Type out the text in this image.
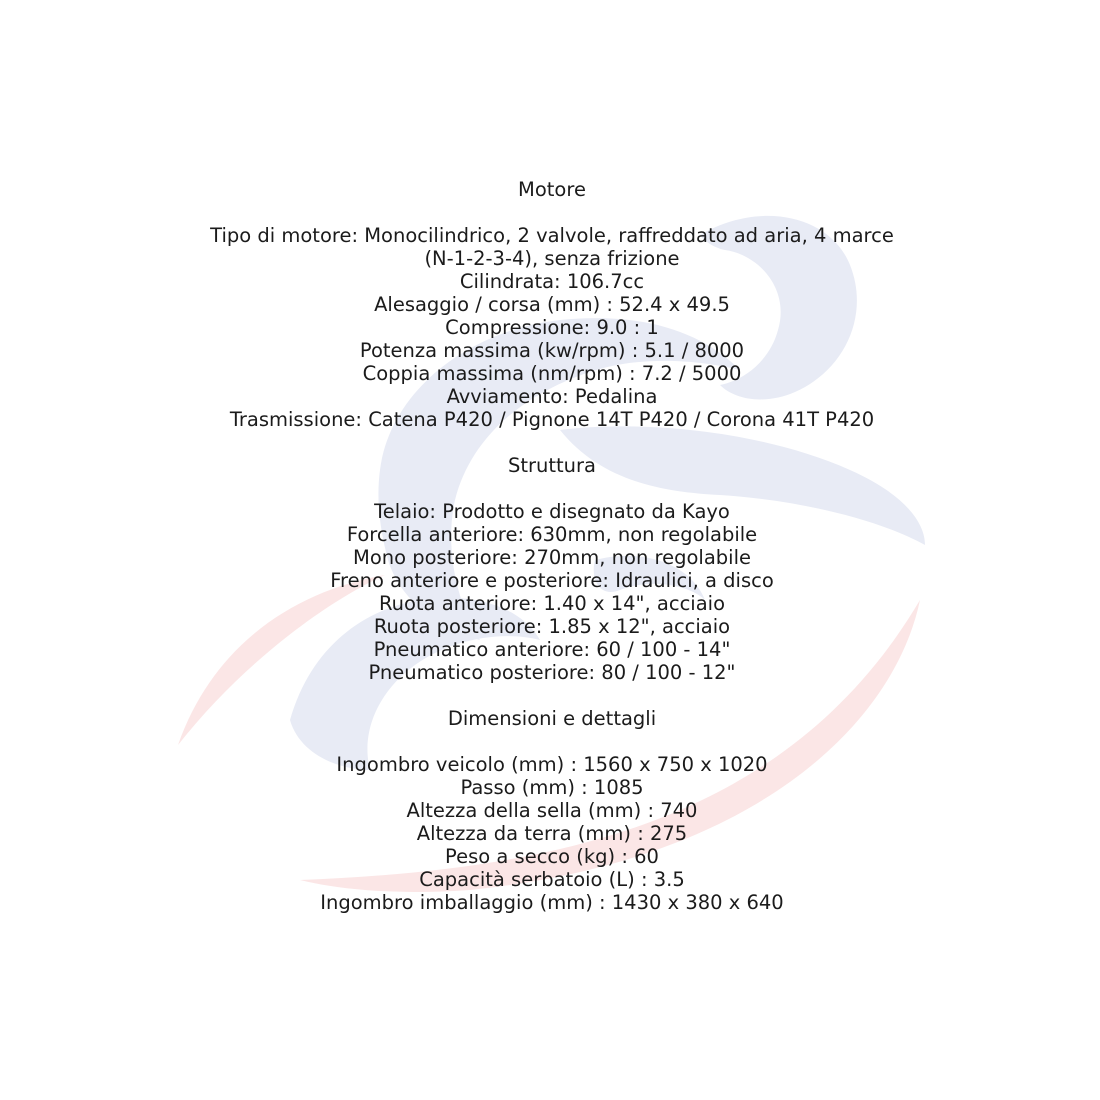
Motore
Tipo di motore: Monocilindrico, 2 valvole, raffreddato ad aria, 4 marce
(N-1-2-3-4), senza frizione
Cilindrata: 106.7cc
Alesaggio / corsa (mm) : 52.4 x 49.5
Compressione: 9.0 : 1
Potenza massima (kw/rpm) : 5.1 / 8000
Coppia massima (nm/rpm) : 7.2 / 5000
Avviamento: Pedalina
Trasmissione: Catena P420 / Pignone 14T P420 / Corona 41T P420
Struttura
Telaio: Prodotto e disegnato da Kayo
Forcella anteriore: 630mm, non regolabile
Mono posteriore: 270mm, non regolabile
Freno anteriore e posteriore: Idraulici, a disco
Ruota anteriore: 1.40 x 14", acciaio
Ruota posteriore: 1.85 x 12", acciaio
Pneumatico anteriore: 60 / 100 - 14"
Pneumatico posteriore: 80 / 100 - 12"
Dimensioni e dettagli
Ingombro veicolo (mm) : 1560 x 750 x 1020
Passo (mm) : 1085
Altezza della sella (mm) : 740
Altezza da terra (mm) : 275
Peso a secco (kg) : 60
Capacità serbatoio (L) : 3.5
Ingombro imballaggio (mm) : 1430 x 380 x 640
